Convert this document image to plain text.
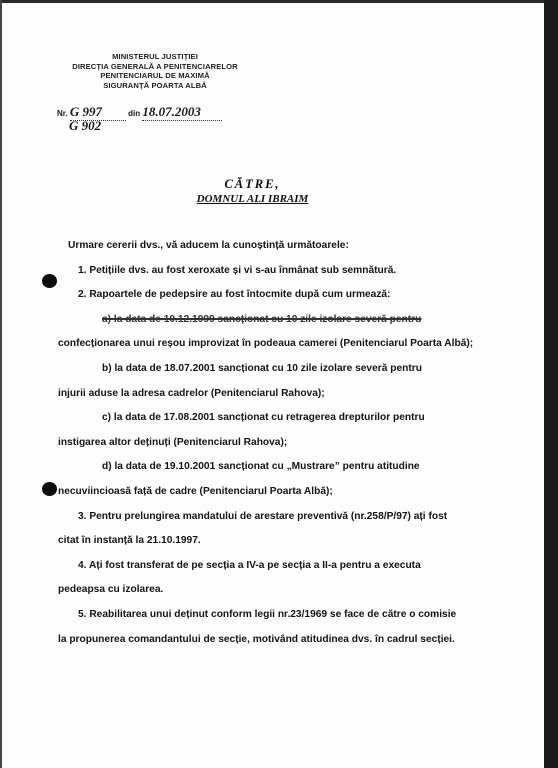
MINISTERUL JUSTIȚIEI
DIRECȚIA GENERALĂ A PENITENCIARELOR
PENITENCIARUL DE MAXIMĂ
SIGURANȚĂ POARTA ALBĂ
Nr. G 997	din 18.07.2003
G 902
CĂTRE,
DOMNUL ALI IBRAIM

Urmare cererii dvs., vă aducem la cunoștință următoarele:

1. Petițiile dvs. au fost xeroxate și vi s-au înmânat sub semnătură.

2. Rapoartele de pedepsire au fost întocmite după cum urmează:

a) la data de 10.12.1999 sancționat cu 10 zile izolare severă pentru

confecționarea unui reșou improvizat în podeaua camerei (Penitenciarul Poarta Albă);

b) la data de 18.07.2001 sancționat cu 10 zile izolare severă pentru

injurii aduse la adresa cadrelor (Penitenciarul Rahova);

c) la data de 17.08.2001 sancționat cu retragerea drepturilor pentru

instigarea altor deținuți (Penitenciarul Rahova);

d) la data de 19.10.2001 sancționat cu „Mustrare” pentru atitudine

necuviincioasă față de cadre (Penitenciarul Poarta Albă);

3. Pentru prelungirea mandatului de arestare preventivă (nr.258/P/97) ați fost

citat în instanță la 21.10.1997.

4. Ați fost transferat de pe secția a IV-a pe secția a II-a pentru a executa

pedeapsa cu izolarea.

5. Reabilitarea unui deținut conform legii nr.23/1969 se face de către o comisie

la propunerea comandantului de secție, motivând atitudinea dvs. în cadrul secției.
